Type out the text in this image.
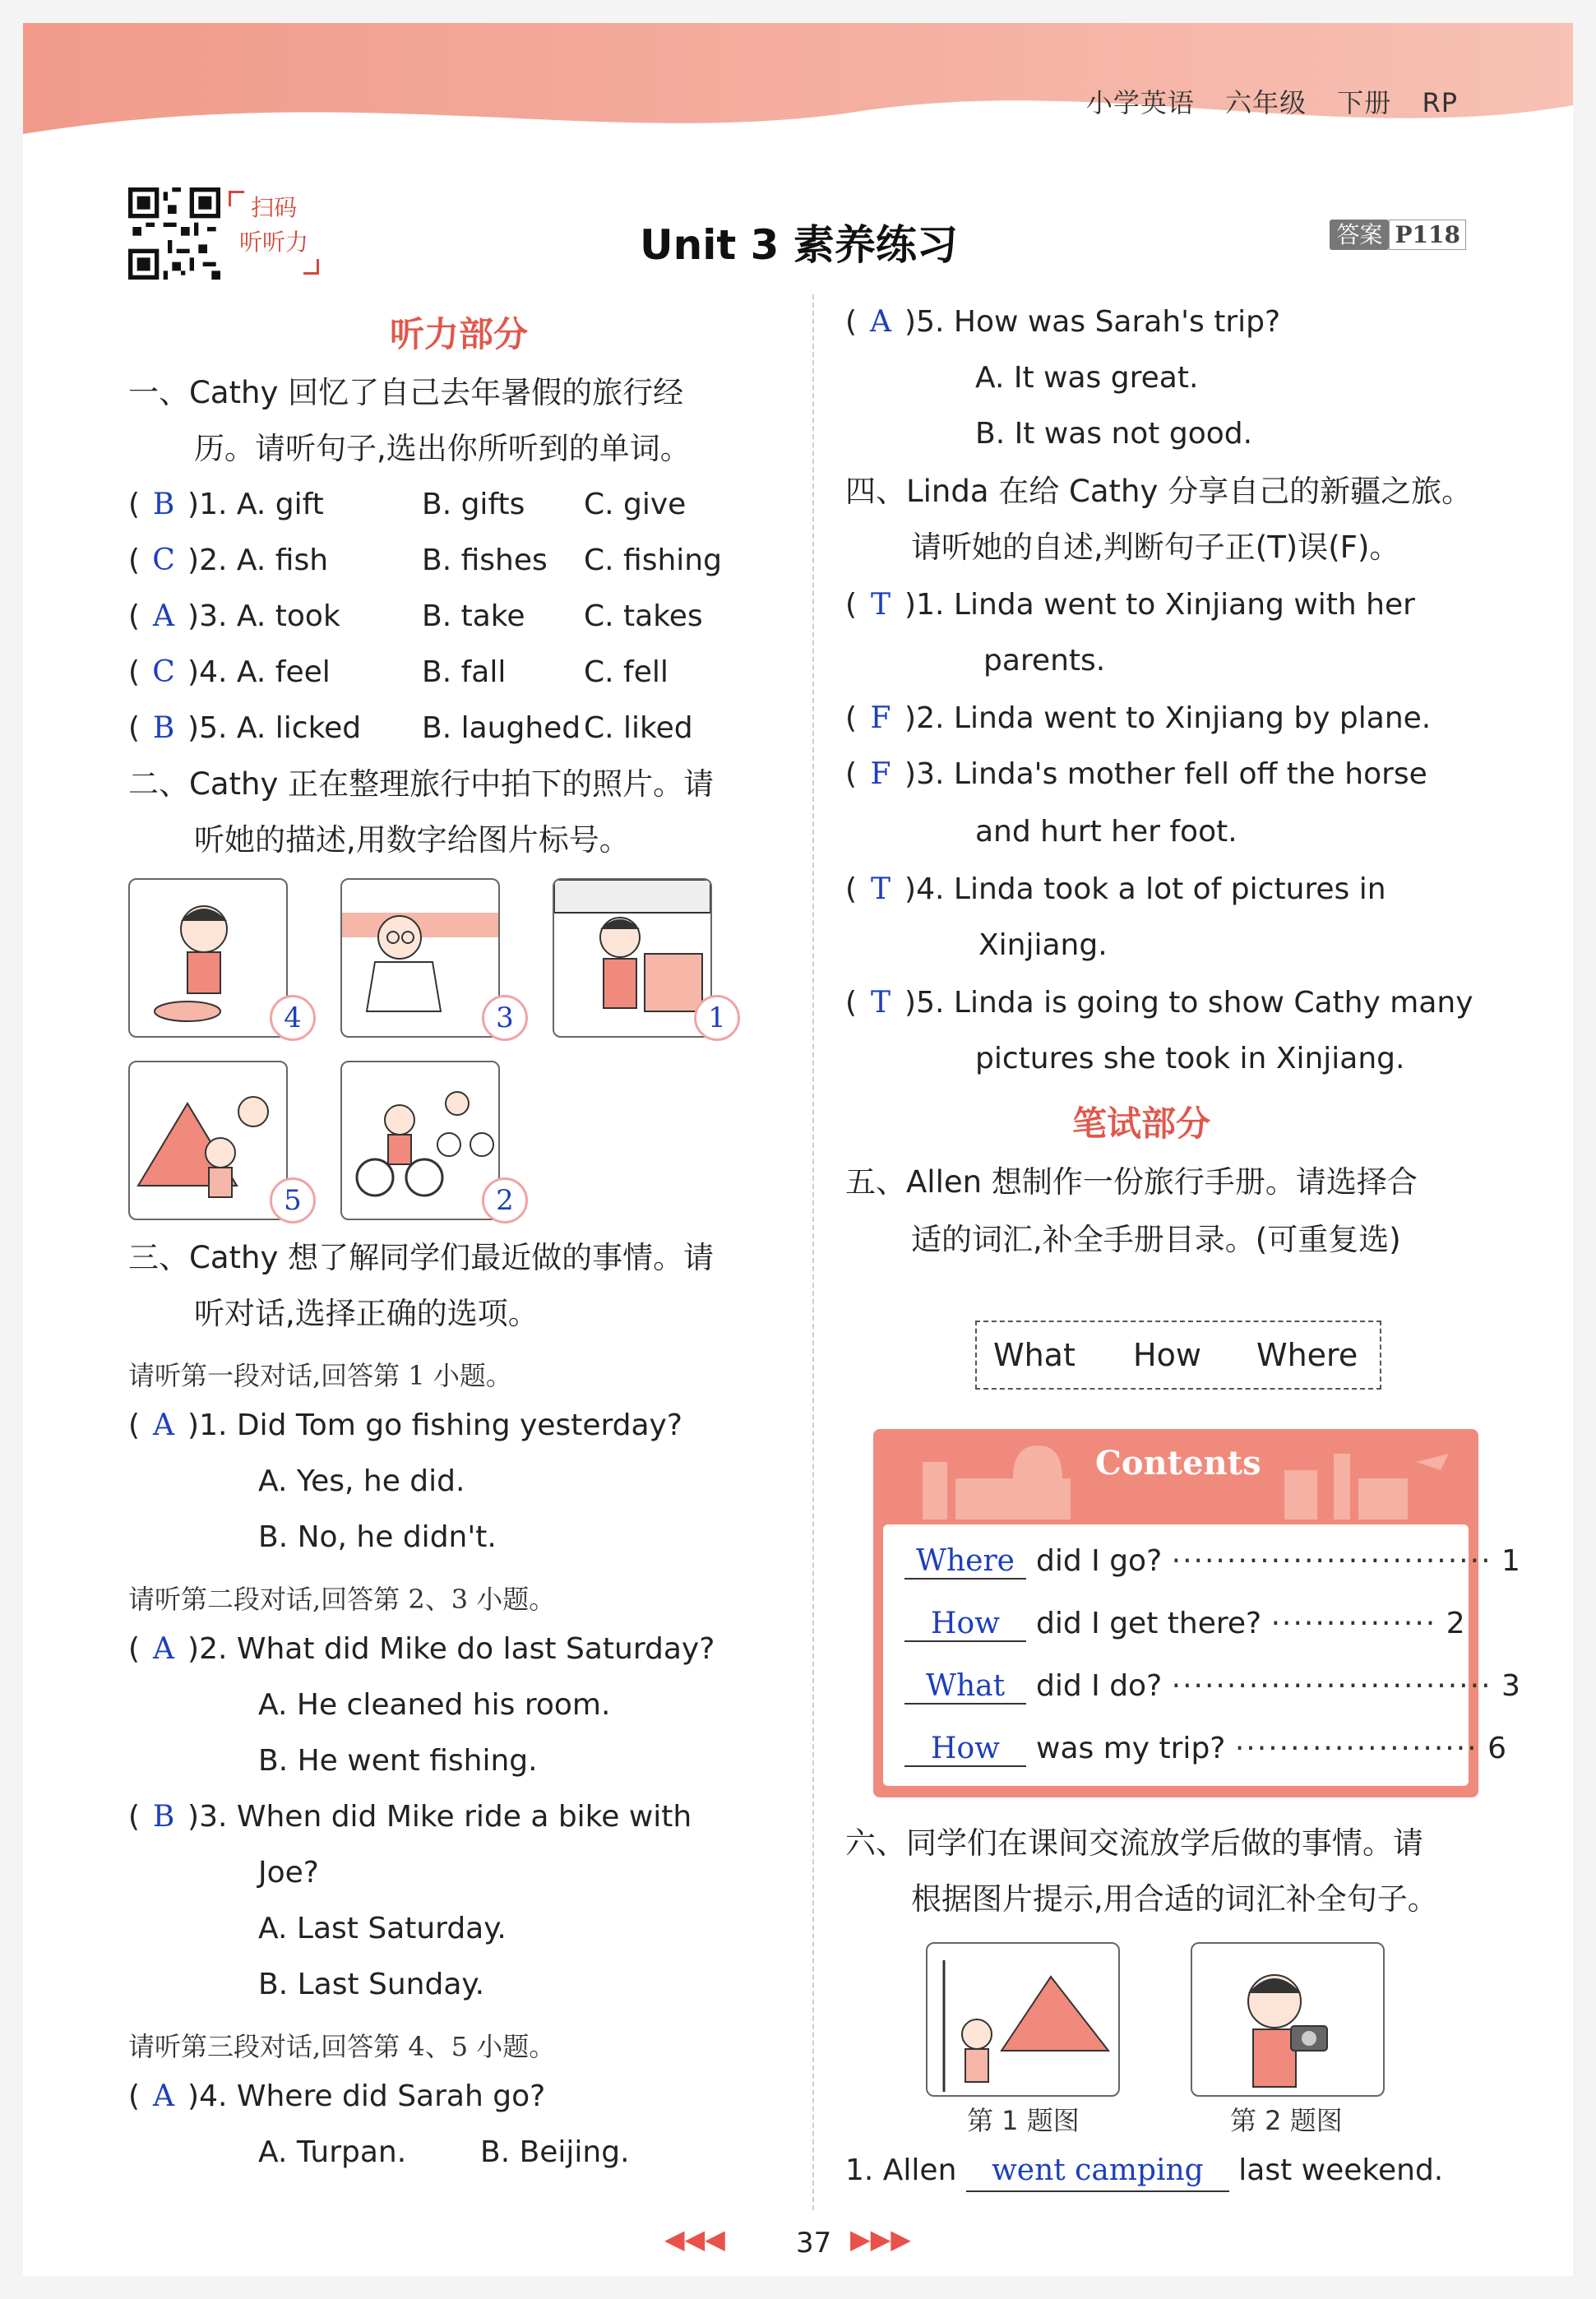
小学英语 六年级 下册 RP
扫码
听听力	Unit 3 素养练习	答案 P118
听力部分
一、Cathy 回忆了自己去年暑假的旅行经
历。请听句子,选出你所听到的单词。
( B )1. A. gift	B. gifts C. give
( C )2. A. fish	B. fishes C. fishing
( A )3. A. took	B. take C. takes
( C )4. A. feel	B. fall	C. fell
( B )5. A. licked B. laughed C. liked
二、Cathy 正在整理旅行中拍下的照片。请
听她的描述,用数字给图片标号。
4	3	1
5	2
三、Cathy 想了解同学们最近做的事情。请
听对话,选择正确的选项。
请听第一段对话,回答第 1 小题。
( A )1. Did Tom go fishing yesterday?
A. Yes, he did.
B. No, he didn't.
请听第二段对话,回答第 2、3 小题。
( A )2. What did Mike do last Saturday?
A. He cleaned his room.
B. He went fishing.
( B )3. When did Mike ride a bike with
Joe?
A. Last Saturday.
B. Last Sunday.
请听第三段对话,回答第 4、5 小题。
( A )4. Where did Sarah go?
A. Turpan. B. Beijing.
( A )5. How was Sarah's trip?
A. It was great.
B. It was not good.
四、Linda 在给 Cathy 分享自己的新疆之旅。
请听她的自述,判断句子正(T)误(F)。
( T )1. Linda went to Xinjiang with her
parents.
( F )2. Linda went to Xinjiang by plane.
( F )3. Linda's mother fell off the horse
and hurt her foot.
( T )4. Linda took a lot of pictures in
Xinjiang.
( T )5. Linda is going to show Cathy many
pictures she took in Xinjiang.
笔试部分
五、Allen 想制作一份旅行手册。请选择合
适的词汇,补全手册目录。(可重复选)
What How Where
Contents
Where did I go? ····························· 1
How did I get there? ··············· 2
What did I do? ····························· 3
How was my trip? ······················ 6
六、同学们在课间交流放学后做的事情。请
根据图片提示,用合适的词汇补全句子。
第 1 题图	第 2 题图
1. Allen went camping last weekend.
◀◀◀	37 ▶▶▶
